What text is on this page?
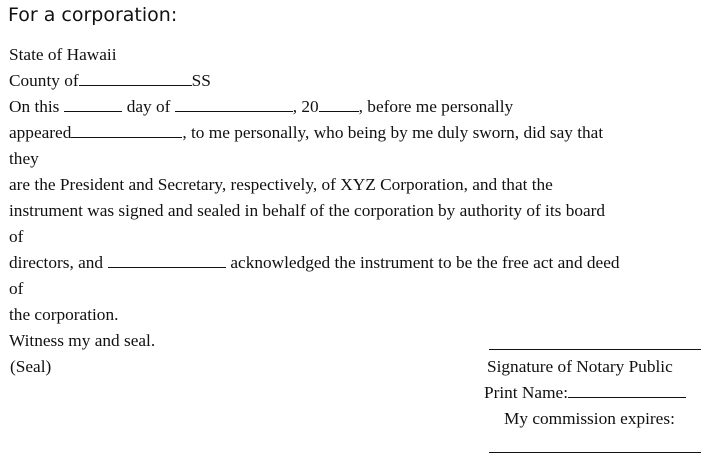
For a corporation:
State of Hawaii
County of	SS
On this	day of	, 20 , before me personally
appeared	, to me personally, who being by me duly sworn, did say that
they
are the President and Secretary, respectively, of XYZ Corporation, and that the
instrument was signed and sealed in behalf of the corporation by authority of its board
of
directors, and	acknowledged the instrument to be the free act and deed
of
the corporation.
Witness my and seal.
(Seal)	Signature of Notary Public
Print Name:
My commission expires:
